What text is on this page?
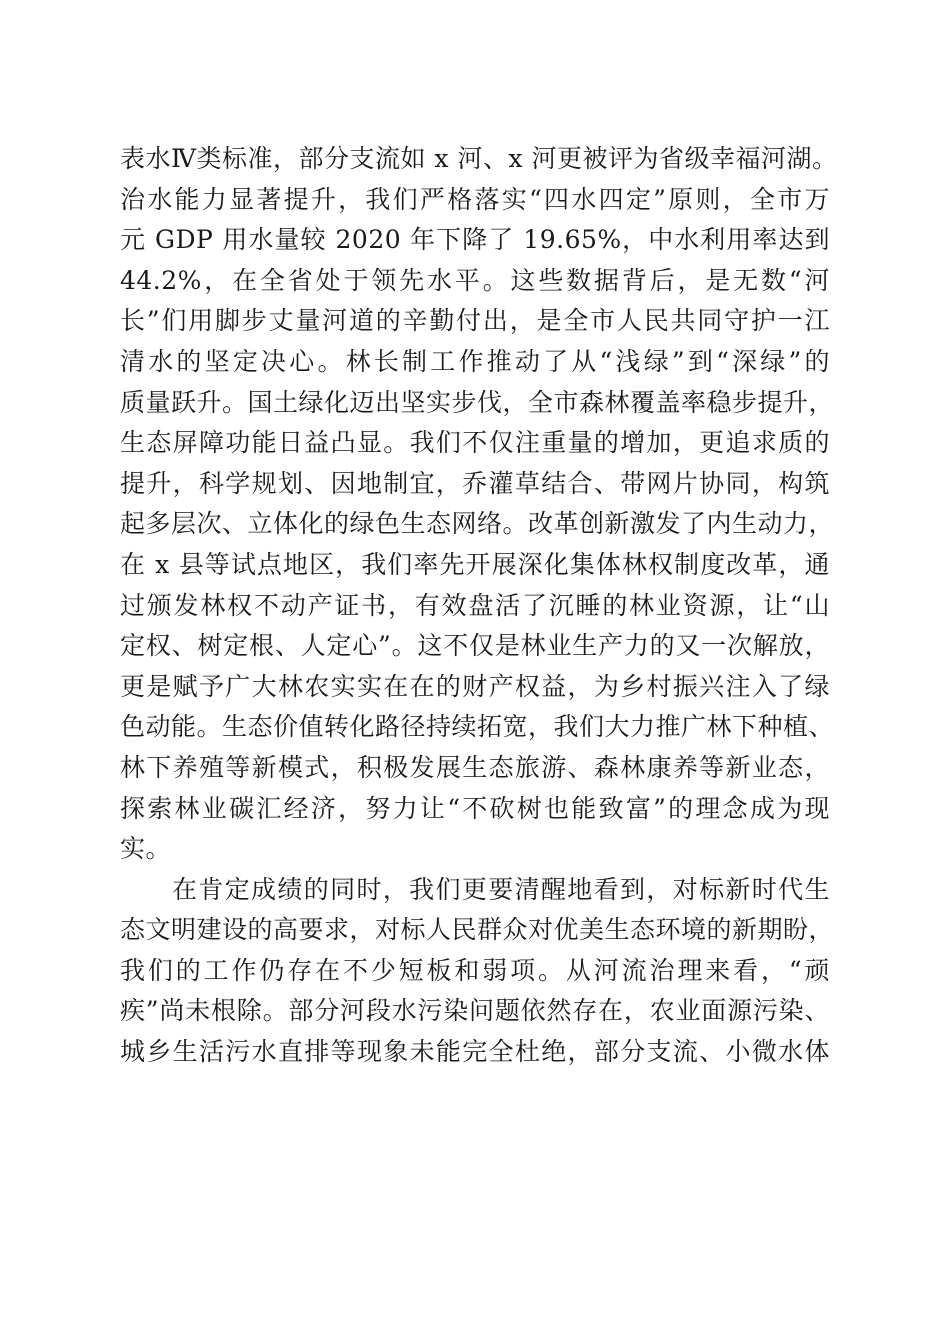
表水Ⅳ类标准，部分支流如 x 河、x 河更被评为省级幸福河湖。
治水能力显著提升，我们严格落实“四水四定”原则，全市万
元 GDP 用水量较 2020 年下降了 19.65%，中水利用率达到
44.2%，在全省处于领先水平。这些数据背后，是无数“河
长”们用脚步丈量河道的辛勤付出，是全市人民共同守护一江
清水的坚定决心。林长制工作推动了从“浅绿”到“深绿”的
质量跃升。国土绿化迈出坚实步伐，全市森林覆盖率稳步提升，
生态屏障功能日益凸显。我们不仅注重量的增加，更追求质的
提升，科学规划、因地制宜，乔灌草结合、带网片协同，构筑
起多层次、立体化的绿色生态网络。改革创新激发了内生动力，
在 x 县等试点地区，我们率先开展深化集体林权制度改革，通
过颁发林权不动产证书，有效盘活了沉睡的林业资源，让“山
定权、树定根、人定心”。这不仅是林业生产力的又一次解放，
更是赋予广大林农实实在在的财产权益，为乡村振兴注入了绿
色动能。生态价值转化路径持续拓宽，我们大力推广林下种植、
林下养殖等新模式，积极发展生态旅游、森林康养等新业态，
探索林业碳汇经济，努力让“不砍树也能致富”的理念成为现
实。
在肯定成绩的同时，我们更要清醒地看到，对标新时代生
态文明建设的高要求，对标人民群众对优美生态环境的新期盼，
我们的工作仍存在不少短板和弱项。从河流治理来看，“顽
疾”尚未根除。部分河段水污染问题依然存在，农业面源污染、
城乡生活污水直排等现象未能完全杜绝，部分支流、小微水体
